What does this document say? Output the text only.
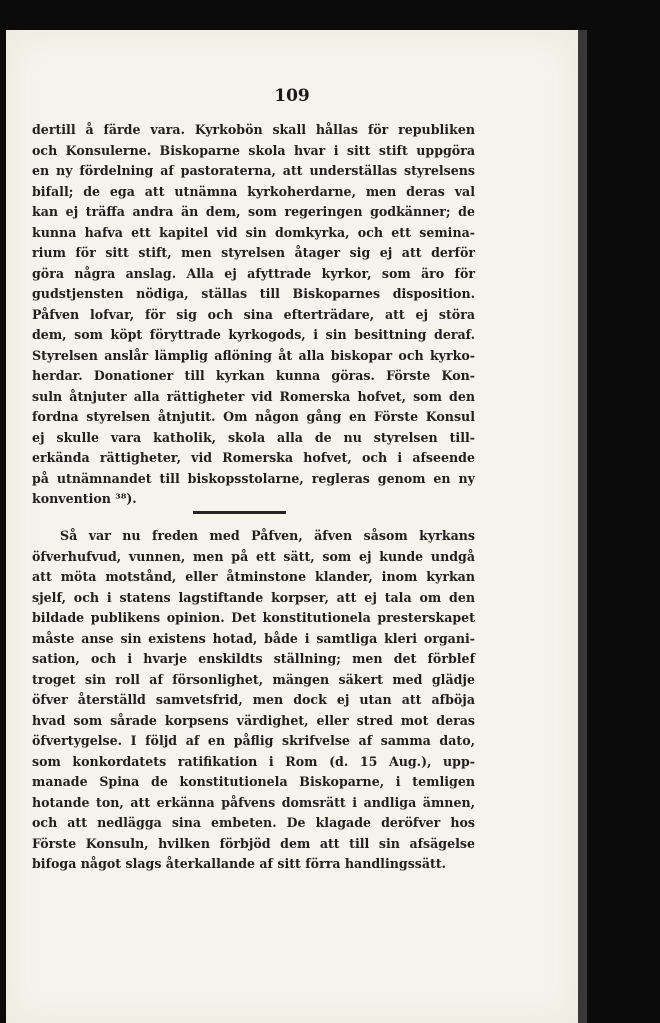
109

dertill å färde vara. Kyrkobön skall hållas för republiken
och Konsulerne. Biskoparne skola hvar i sitt stift uppgöra
en ny fördelning af pastoraterna, att underställas styrelsens
bifall; de ega att utnämna kyrkoherdarne, men deras val
kan ej träffa andra än dem, som regeringen godkänner; de
kunna hafva ett kapitel vid sin domkyrka, och ett semina-
rium för sitt stift, men styrelsen åtager sig ej att derför
göra några anslag. Alla ej afyttrade kyrkor, som äro för
gudstjensten nödiga, ställas till Biskoparnes disposition.
Påfven lofvar, för sig och sina efterträdare, att ej störa
dem, som köpt föryttrade kyrkogods, i sin besittning deraf.
Styrelsen anslår lämplig aflöning åt alla biskopar och kyrko-
herdar. Donationer till kyrkan kunna göras. Förste Kon-
suln åtnjuter alla rättigheter vid Romerska hofvet, som den
fordna styrelsen åtnjutit. Om någon gång en Förste Konsul
ej skulle vara katholik, skola alla de nu styrelsen till-
erkända rättigheter, vid Romerska hofvet, och i afseende
på utnämnandet till biskopsstolarne, regleras genom en ny
konvention ³⁸).
Så var nu freden med Påfven, äfven såsom kyrkans
öfverhufvud, vunnen, men på ett sätt, som ej kunde undgå
att möta motstånd, eller åtminstone klander, inom kyrkan
sjelf, och i statens lagstiftande korpser, att ej tala om den
bildade publikens opinion. Det konstitutionela presterskapet
måste anse sin existens hotad, både i samtliga kleri organi-
sation, och i hvarje enskildts ställning; men det förblef
troget sin roll af försonlighet, mängen säkert med glädje
öfver återställd samvetsfrid, men dock ej utan att afböja
hvad som sårade korpsens värdighet, eller stred mot deras
öfvertygelse. I följd af en påflig skrifvelse af samma dato,
som konkordatets ratifikation i Rom (d. 15 Aug.), upp-
manade Spina de konstitutionela Biskoparne, i temligen
hotande ton, att erkänna påfvens domsrätt i andliga ämnen,
och att nedlägga sina embeten. De klagade deröfver hos
Förste Konsuln, hvilken förbjöd dem att till sin afsägelse
bifoga något slags återkallande af sitt förra handlingssätt.
